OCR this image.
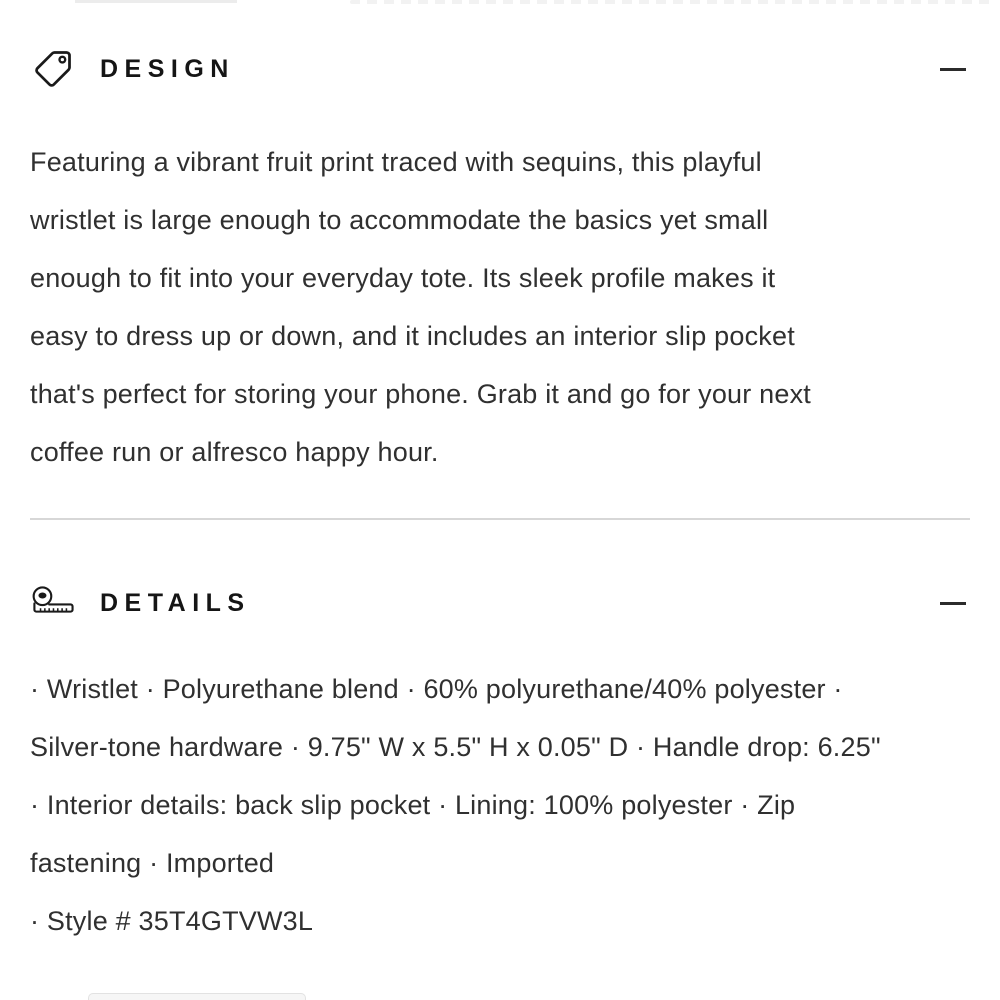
DESIGN
Featuring a vibrant fruit print traced with sequins, this playful
wristlet is large enough to accommodate the basics yet small
enough to fit into your everyday tote. Its sleek profile makes it
easy to dress up or down, and it includes an interior slip pocket
that's perfect for storing your phone. Grab it and go for your next
coffee run or alfresco happy hour.
DETAILS
· Wristlet · Polyurethane blend · 60% polyurethane/40% polyester ·
Silver-tone hardware · 9.75" W x 5.5" H x 0.05" D · Handle drop: 6.25"
· Interior details: back slip pocket · Lining: 100% polyester · Zip
fastening · Imported
· Style # 35T4GTVW3L
